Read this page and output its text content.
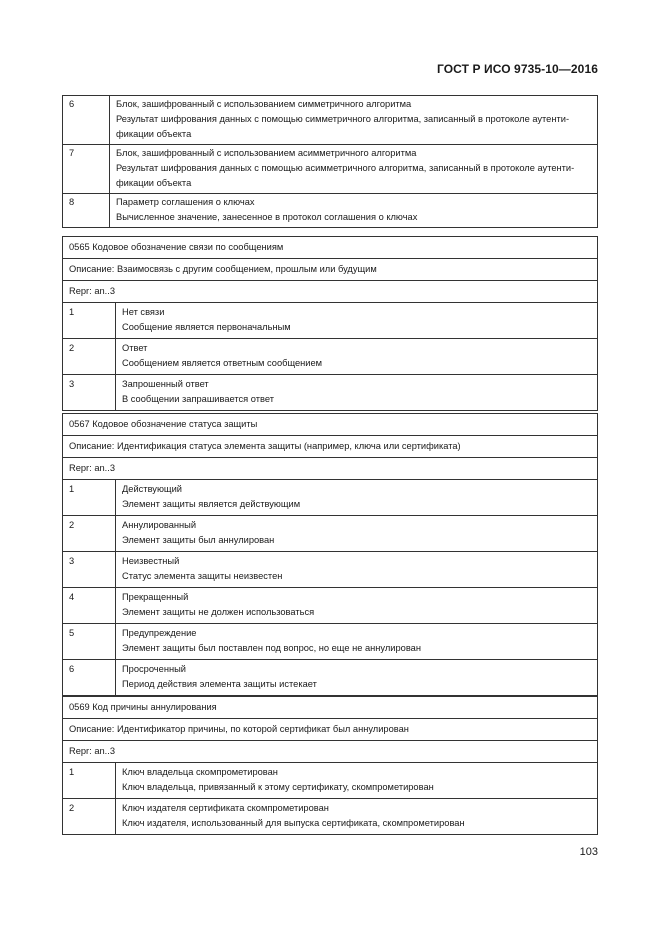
ГОСТ Р ИСО 9735-10—2016
6	Блок, зашифрованный с использованием симметричного алгоритма
Результат шифрования данных с помощью симметричного алгоритма, записанный в протоколе аутенти-
фикации объекта

7	Блок, зашифрованный с использованием асимметричного алгоритма
Результат шифрования данных с помощью асимметричного алгоритма, записанный в протоколе аутенти-
фикации объекта

8	Параметр соглашения о ключах
Вычисленное значение, занесенное в протокол соглашения о ключах
0565 Кодовое обозначение связи по сообщениям	
Описание: Взаимосвязь с другим сообщением, прошлым или будущим	
Repr: an..3	
1	Нет связи
Сообщение является первоначальным

2	Ответ
Сообщением является ответным сообщением

3	Запрошенный ответ
В сообщении запрашивается ответ
0567 Кодовое обозначение статуса защиты	
Описание: Идентификация статуса элемента защиты (например, ключа или сертификата)	
Repr: an..3	
1	Действующий
Элемент защиты является действующим

2	Аннулированный
Элемент защиты был аннулирован

3	Неизвестный
Статус элемента защиты неизвестен

4	Прекращенный
Элемент защиты не должен использоваться

5	Предупреждение
Элемент защиты был поставлен под вопрос, но еще не аннулирован

6	Просроченный
Период действия элемента защиты истекает
0569 Код причины аннулирования	
Описание: Идентификатор причины, по которой сертификат был аннулирован	
Repr: an..3	
1	Ключ владельца скомпрометирован
Ключ владельца, привязанный к этому сертификату, скомпрометирован

2	Ключ издателя сертификата скомпрометирован
Ключ издателя, использованный для выпуска сертификата, скомпрометирован
103
